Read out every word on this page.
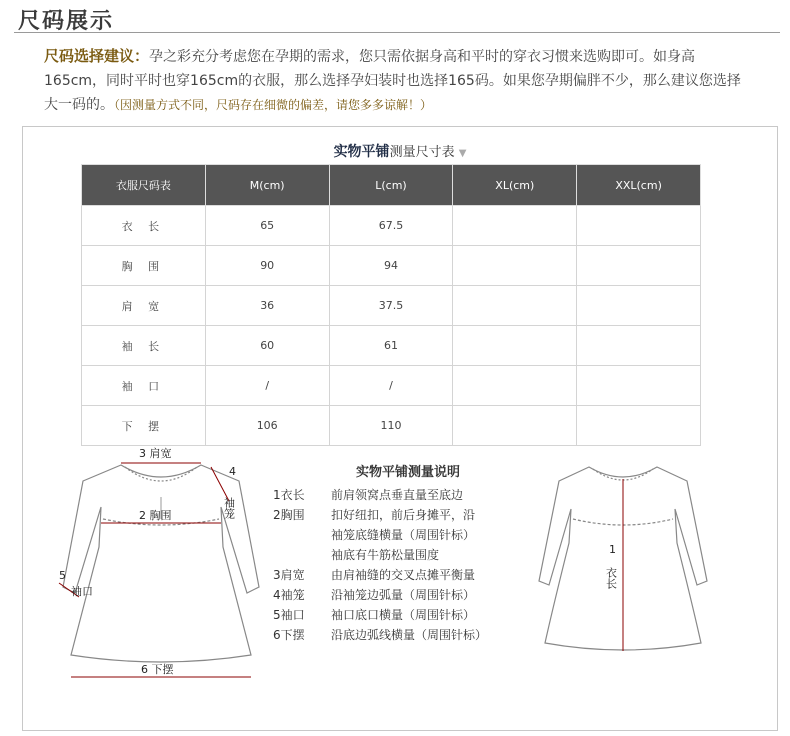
尺码展示
尺码选择建议：孕之彩充分考虑您在孕期的需求，您只需依据身高和平时的穿衣习惯来选购即可。如身高165cm，同时平时也穿165cm的衣服，那么选择孕妇装时也选择165码。如果您孕期偏胖不少，那么建议您选择大一码的。（因测量方式不同，尺码存在细微的偏差，请您多多谅解！）
实物平铺测量尺寸表 ▼
衣服尺码表	M(cm)	L(cm)	XL(cm)	XXL(cm)
衣 长	65	67.5		
胸 围	90	94		
肩 宽	36	37.5		
袖 长	60	61		
袖 口	/	/		
下 摆	106	110		
3 肩宽
4
袖笼
2 胸围
5
袖口
6 下摆
实物平铺测量说明
1衣长	前肩领窝点垂直量至底边
2胸围	扣好纽扣，前后身摊平，沿
袖笼底缝横量（周围针标）
袖底有牛筋松量围度
3肩宽	由肩袖缝的交叉点摊平衡量
4袖笼	沿袖笼边弧量（周围针标）
5袖口	袖口底口横量（周围针标）
6下摆	沿底边弧线横量（周围针标）
1
衣长
